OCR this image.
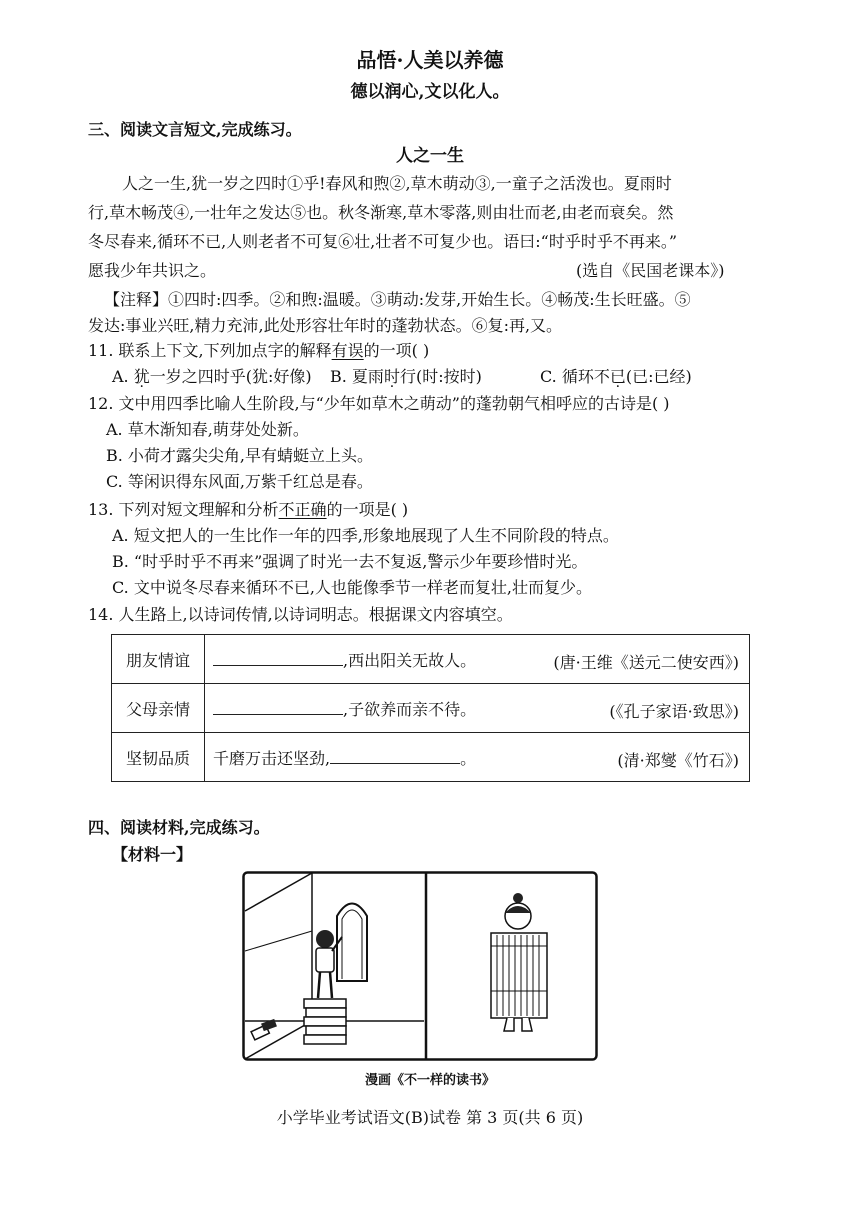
品悟·人美以养德
德以润心,文以化人。
三、阅读文言短文,完成练习。
人之一生
人之一生,犹一岁之四时①乎!春风和煦②,草木萌动③,一童子之活泼也。夏雨时
行,草木畅茂④,一壮年之发达⑤也。秋冬渐寒,草木零落,则由壮而老,由老而衰矣。然
冬尽春来,循环不已,人则老者不可复⑥壮,壮者不可复少也。语曰:“时乎时乎不再来。”
愿我少年共识之。	(选自《民国老课本》)
【注释】①四时:四季。②和煦:温暖。③萌动:发芽,开始生长。④畅茂:生长旺盛。⑤
发达:事业兴旺,精力充沛,此处形容壮年时的蓬勃状态。⑥复:再,又。
11. 联系上下文,下列加点字的解释有误的一项( )
A. 犹一岁之四时乎(犹:好像) B. 夏雨时行(时:按时)	C. 循环不已(已:已经)
12. 文中用四季比喻人生阶段,与“少年如草木之萌动”的蓬勃朝气相呼应的古诗是( )
A. 草木渐知春,萌芽处处新。
B. 小荷才露尖尖角,早有蜻蜓立上头。
C. 等闲识得东风面,万紫千红总是春。
13. 下列对短文理解和分析不正确的一项是( )
A. 短文把人的一生比作一年的四季,形象地展现了人生不同阶段的特点。
B. “时乎时乎不再来”强调了时光一去不复返,警示少年要珍惜时光。
C. 文中说冬尽春来循环不已,人也能像季节一样老而复壮,壮而复少。
14. 人生路上,以诗词传情,以诗词明志。根据课文内容填空。
朋友情谊	,西出阳关无故人。 (唐·王维《送元二使安西》)

父母亲情	,子欲养而亲不待。 (《孔子家语·致思》)

坚韧品质	千磨万击还坚劲, 。 (清·郑燮《竹石》)
四、阅读材料,完成练习。
【材料一】
漫画《不一样的读书》
小学毕业考试语文(B)试卷 第 3 页(共 6 页)
